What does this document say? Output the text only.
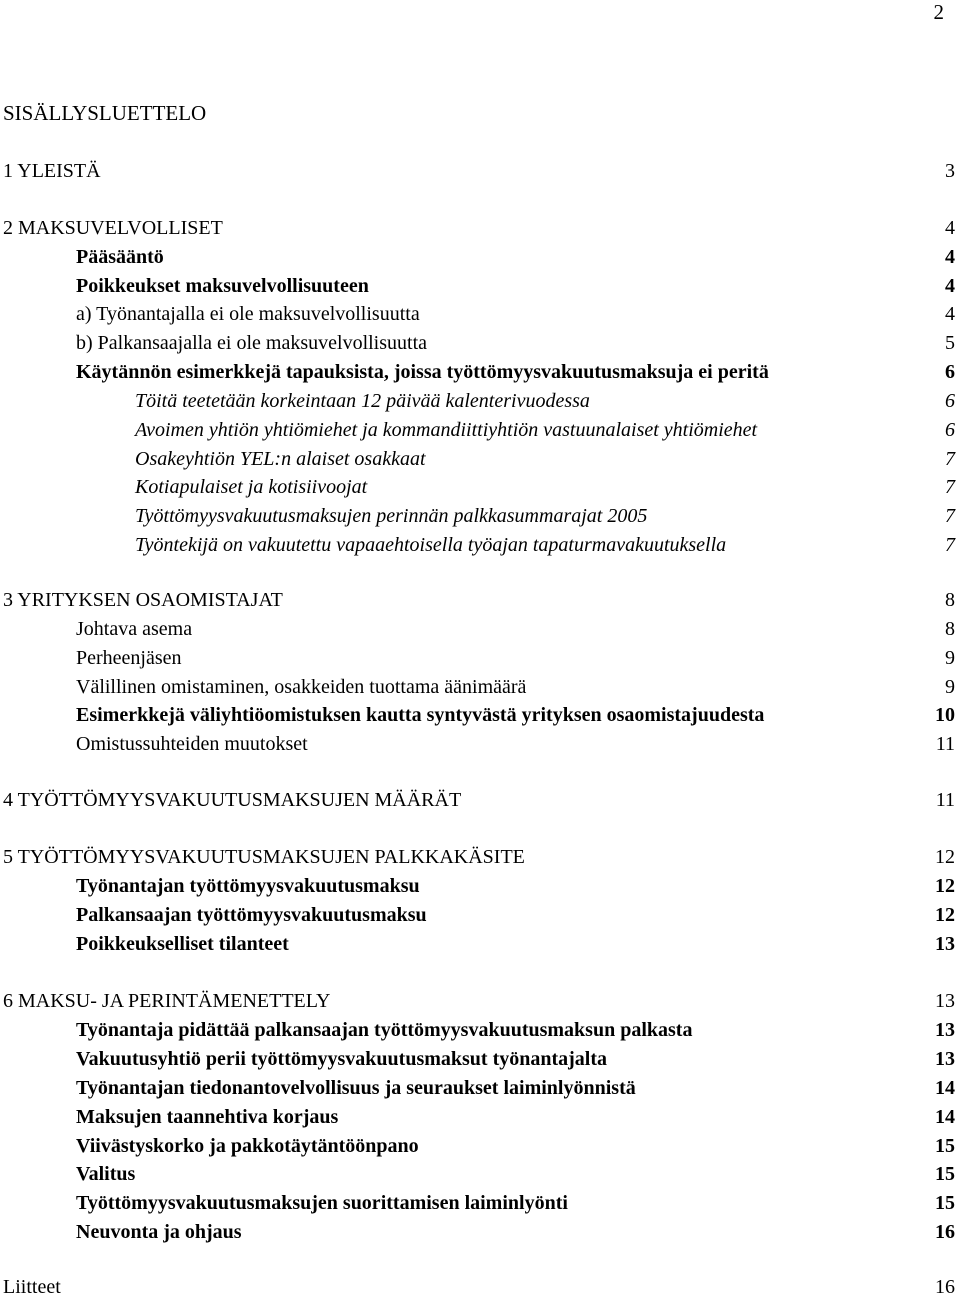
2
SISÄLLYSLUETTELO
1 YLEISTÄ	3
2 MAKSUVELVOLLISET	4
Pääsääntö	4
Poikkeukset maksuvelvollisuuteen	4
a) Työnantajalla ei ole maksuvelvollisuutta	4
b) Palkansaajalla ei ole maksuvelvollisuutta	5
Käytännön esimerkkejä tapauksista, joissa työttömyysvakuutusmaksuja ei peritä	6
Töitä teetetään korkeintaan 12 päivää kalenterivuodessa	6
Avoimen yhtiön yhtiömiehet ja kommandiittiyhtiön vastuunalaiset yhtiömiehet	6
Osakeyhtiön YEL:n alaiset osakkaat	7
Kotiapulaiset ja kotisiivoojat	7
Työttömyysvakuutusmaksujen perinnän palkkasummarajat 2005	7
Työntekijä on vakuutettu vapaaehtoisella työajan tapaturmavakuutuksella	7
3 YRITYKSEN OSAOMISTAJAT	8
Johtava asema	8
Perheenjäsen	9
Välillinen omistaminen, osakkeiden tuottama äänimäärä	9
Esimerkkejä väliyhtiöomistuksen kautta syntyvästä yrityksen osaomistajuudesta	10
Omistussuhteiden muutokset	11
4 TYÖTTÖMYYSVAKUUTUSMAKSUJEN MÄÄRÄT	11
5 TYÖTTÖMYYSVAKUUTUSMAKSUJEN PALKKAKÄSITE	12
Työnantajan työttömyysvakuutusmaksu	12
Palkansaajan työttömyysvakuutusmaksu	12
Poikkeukselliset tilanteet	13
6 MAKSU- JA PERINTÄMENETTELY	13
Työnantaja pidättää palkansaajan työttömyysvakuutusmaksun palkasta	13
Vakuutusyhtiö perii työttömyysvakuutusmaksut työnantajalta	13
Työnantajan tiedonantovelvollisuus ja seuraukset laiminlyönnistä	14
Maksujen taannehtiva korjaus	14
Viivästyskorko ja pakkotäytäntöönpano	15
Valitus	15
Työttömyysvakuutusmaksujen suorittamisen laiminlyönti	15
Neuvonta ja ohjaus	16
Liitteet	16
